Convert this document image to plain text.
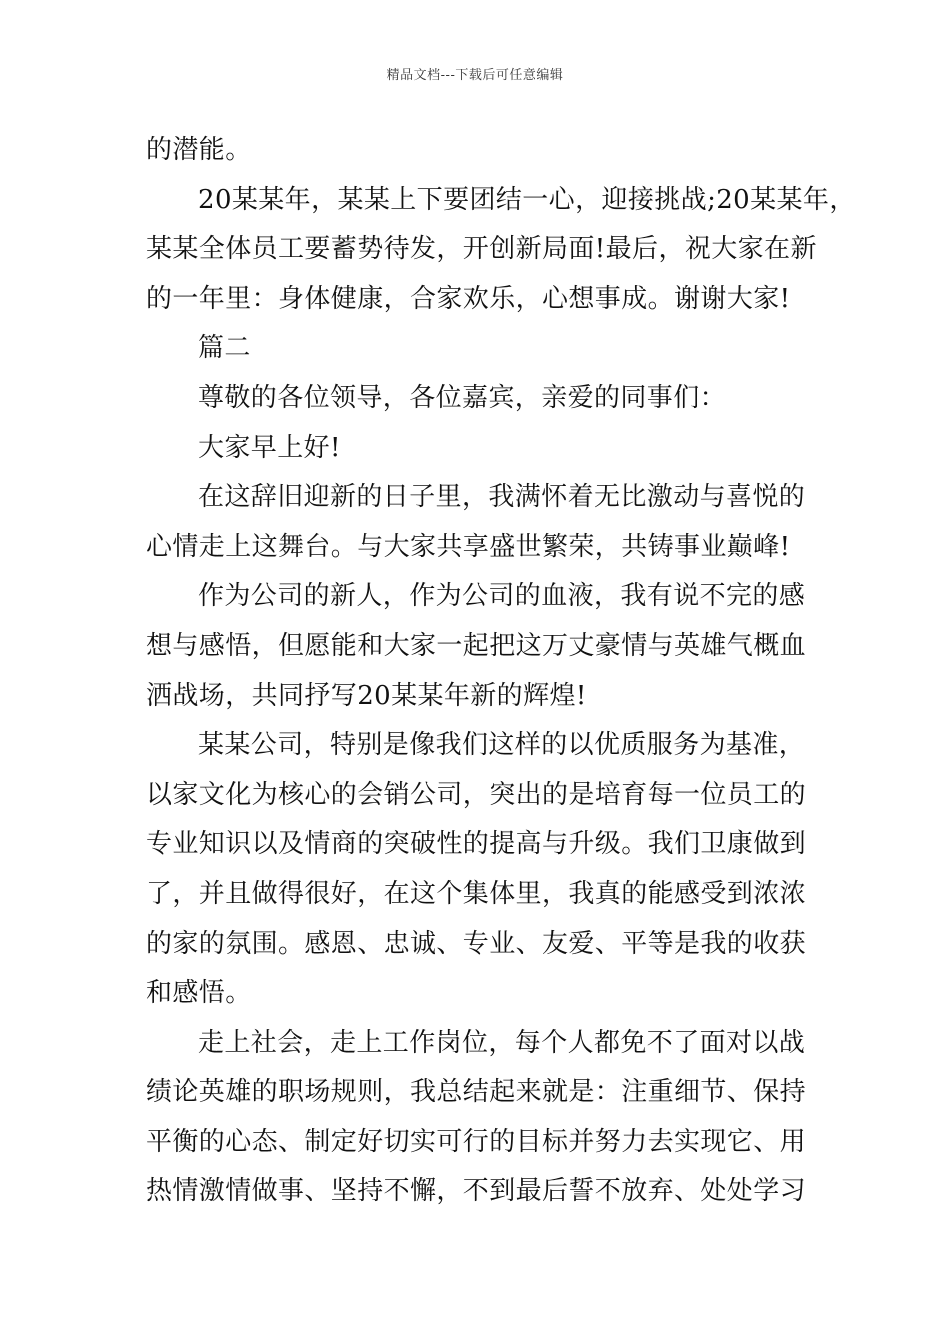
精品文档---下载后可任意编辑

的潜能。

20某某年，某某上下要团结一心，迎接挑战;20某某年，

某某全体员工要蓄势待发，开创新局面!最后，祝大家在新

的一年里：身体健康，合家欢乐，心想事成。谢谢大家!

篇二

尊敬的各位领导，各位嘉宾，亲爱的同事们：

大家早上好!

在这辞旧迎新的日子里，我满怀着无比激动与喜悦的

心情走上这舞台。与大家共享盛世繁荣，共铸事业巅峰!

作为公司的新人，作为公司的血液，我有说不完的感

想与感悟，但愿能和大家一起把这万丈豪情与英雄气概血

洒战场，共同抒写20某某年新的辉煌!

某某公司，特别是像我们这样的以优质服务为基准，

以家文化为核心的会销公司，突出的是培育每一位员工的

专业知识以及情商的突破性的提高与升级。我们卫康做到

了，并且做得很好，在这个集体里，我真的能感受到浓浓

的家的氛围。感恩、忠诚、专业、友爱、平等是我的收获

和感悟。

走上社会，走上工作岗位，每个人都免不了面对以战

绩论英雄的职场规则，我总结起来就是：注重细节、保持

平衡的心态、制定好切实可行的目标并努力去实现它、用

热情激情做事、坚持不懈，不到最后誓不放弃、处处学习
